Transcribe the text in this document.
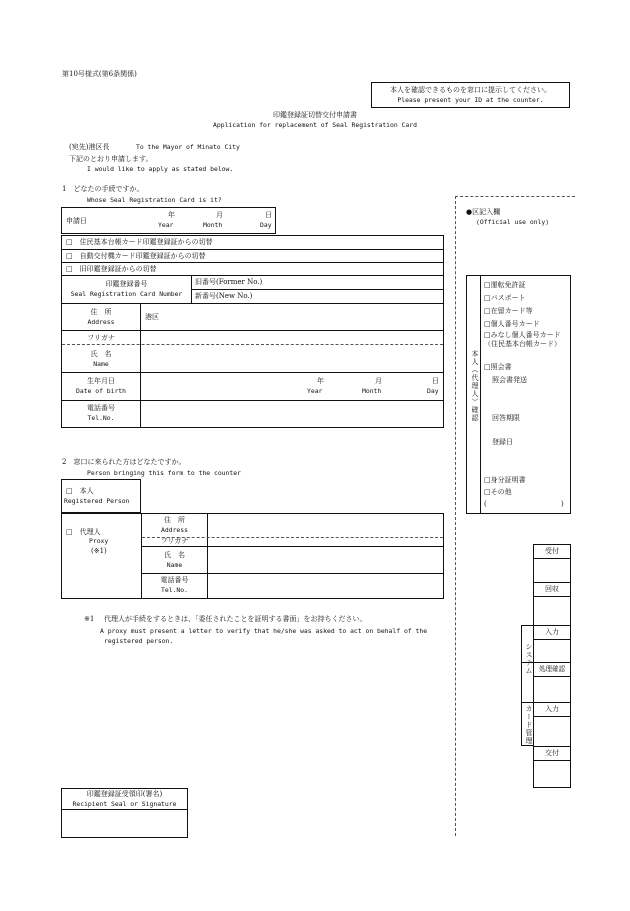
第10号様式(第6条関係)
本人を確認できるものを窓口に提示してください。
Please present your ID at the counter.
印鑑登録証切替交付申請書
Application for replacement of Seal Registration Card
(宛先)港区長	To the Mayor of Minato City
下記のとおり申請します。
I would like to apply as stated below.
1　どなたの手続ですか。
Whose Seal Registration Card is it?
申請日
年
Year
月
Month
日
Day
□　 住民基本台帳カード印鑑登録証からの切替
□　 自動交付機カード印鑑登録証からの切替
□　 旧印鑑登録証からの切替
印鑑登録番号
Seal Registration Card Number
旧番号(Former No.)
新番号(New No.)
住　所
Address
港区
フリガナ
氏　名
Name
生年月日
Date of birth
年
Year
月
Month
日
Day
電話番号
Tel.No.
2　窓口に来られた方はどなたですか。
Person bringing this form to the counter
□　 本人
Registered Person
□　 代理人
Proxy
(※1)
住　所
Address
フリガナ
氏　名
Name
電話番号
Tel.No.
※1 代理人が手続をするときは、「委任されたことを証明する書面」をお持ちください。
A proxy must present a letter to verify that he/she was asked to act on behalf of the
registered person.
印鑑登録証受領印(署名)
Recipient Seal or Signature
●区記入欄
(Official use only)
本人（代理人）確認
□運転免許証
□パスポート
□在留カード等
□個人番号カード
□みなし個人番号カード（住民基本台帳カード）
□照会書
照会書発送
回答期限
登録日
□身分証明書
□その他
(	)
システム
カード管理
受付
回収
入力
処理確認
入力
交付
